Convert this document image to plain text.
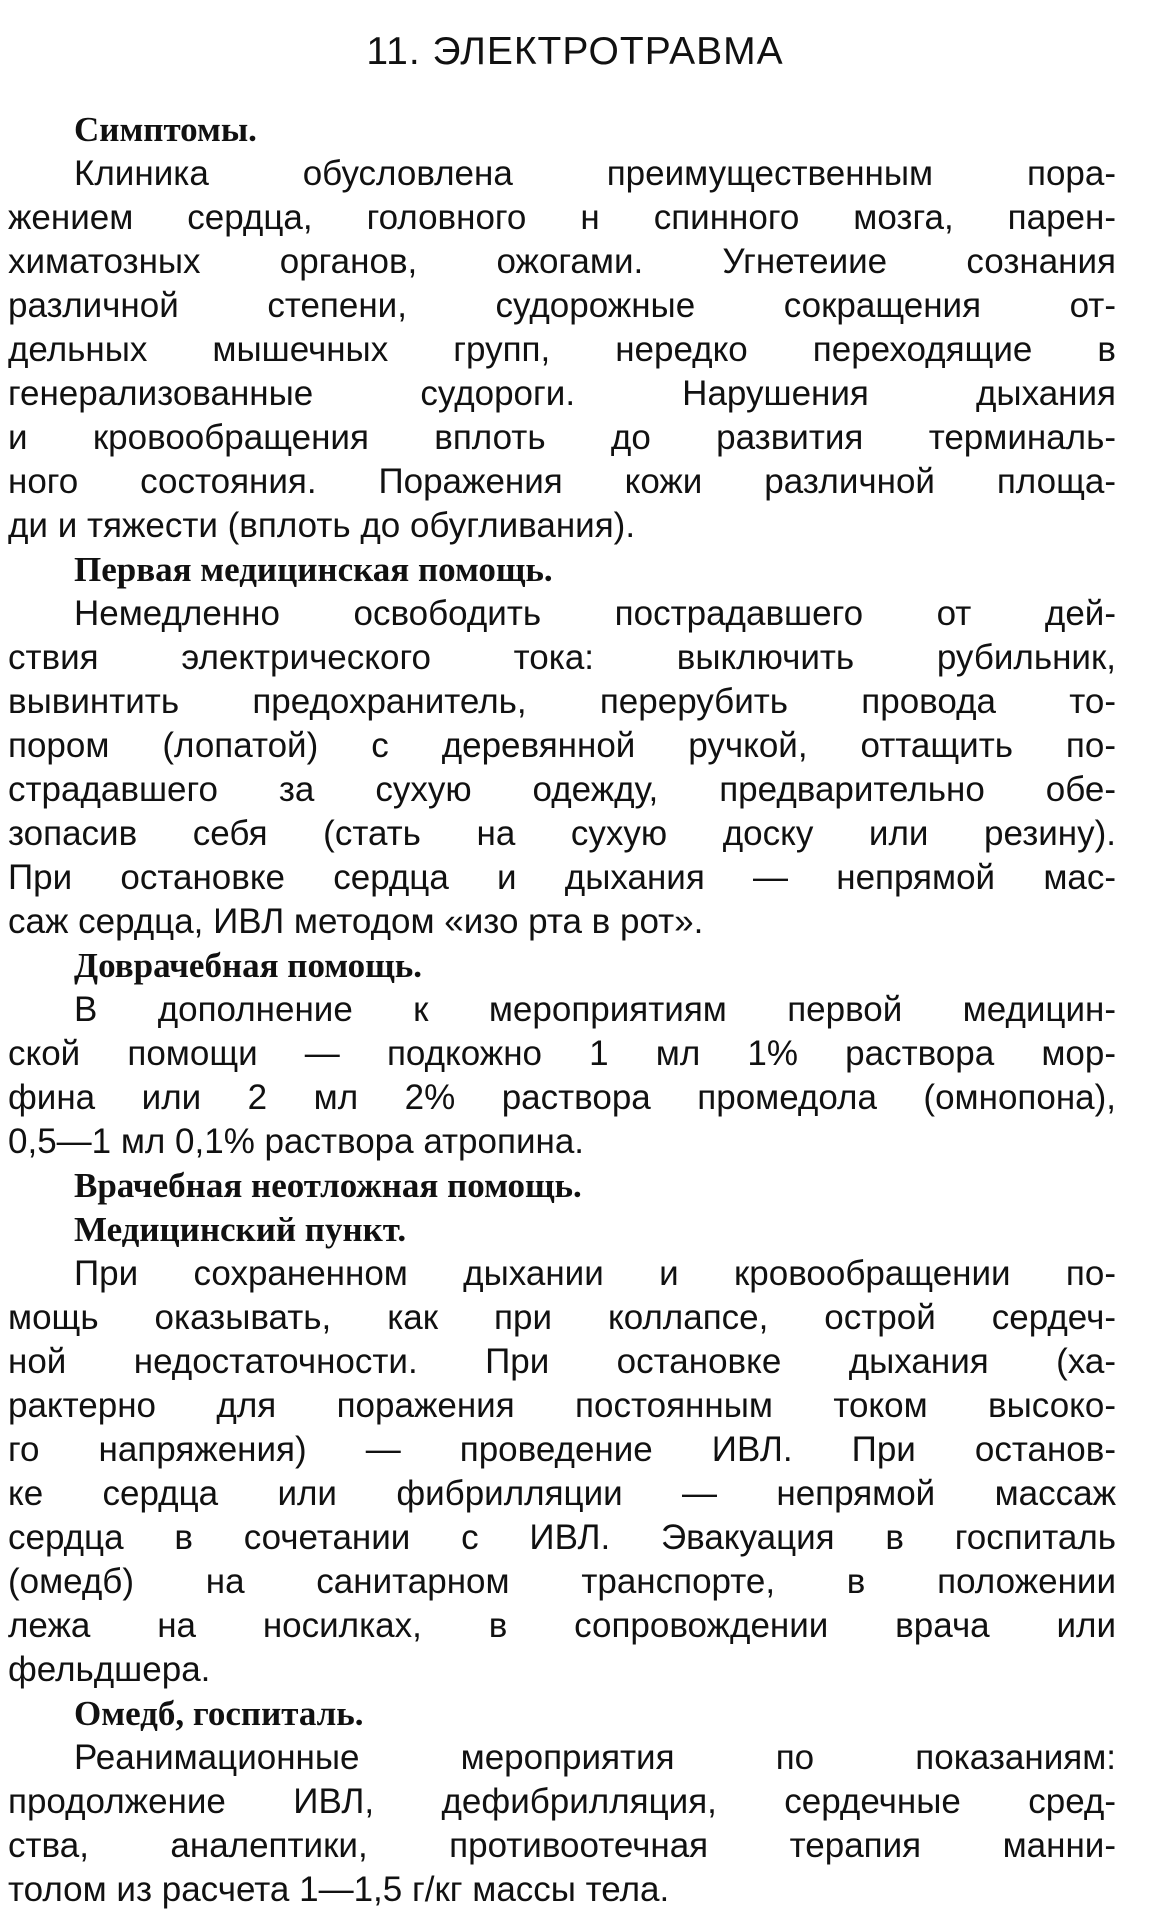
11. ЭЛЕКТРОТРАВМА
Симптомы.
Клиника обусловлена преимущественным пора-
жением сердца, головного н спинного мозга, парен-
химатозных органов, ожогами. Угнетеиие сознания
различной степени, судорожные сокращения от-
дельных мышечных групп, нередко переходящие в
генерализованные судороги. Нарушения дыхания
и кровообращения вплоть до развития терминаль-
ного состояния. Поражения кожи различной площа-
ди и тяжести (вплоть до обугливания).
Первая медицинская помощь.
Немедленно освободить пострадавшего от дей-
ствия электрического тока: выключить рубильник,
вывинтить предохранитель, перерубить провода то-
пором (лопатой) с деревянной ручкой, оттащить по-
страдавшего за сухую одежду, предварительно обе-
зопасив себя (стать на сухую доску или резину).
При остановке сердца и дыхания — непрямой мас-
саж сердца, ИВЛ методом «изо рта в рот».
Доврачебная помощь.
В дополнение к мероприятиям первой медицин-
ской помощи — подкожно 1 мл 1% раствора мор-
фина или 2 мл 2% раствора промедола (омнопона),
0,5—1 мл 0,1% раствора атропина.
Врачебная неотложная помощь.
Медицинский пункт.
При сохраненном дыхании и кровообращении по-
мощь оказывать, как при коллапсе, острой сердеч-
ной недостаточности. При остановке дыхания (ха-
рактерно для поражения постоянным током высоко-
го напряжения) — проведение ИВЛ. При останов-
ке сердца или фибрилляции — непрямой массаж
сердца в сочетании с ИВЛ. Эвакуация в госпиталь
(омедб) на санитарном транспорте, в положении
лежа на носилках, в сопровождении врача или
фельдшера.
Омедб, госпиталь.
Реанимационные мероприятия по показаниям:
продолжение ИВЛ, дефибрилляция, сердечные сред-
ства, аналептики, противоотечная терапия манни-
толом из расчета 1—1,5 г/кг массы тела.
